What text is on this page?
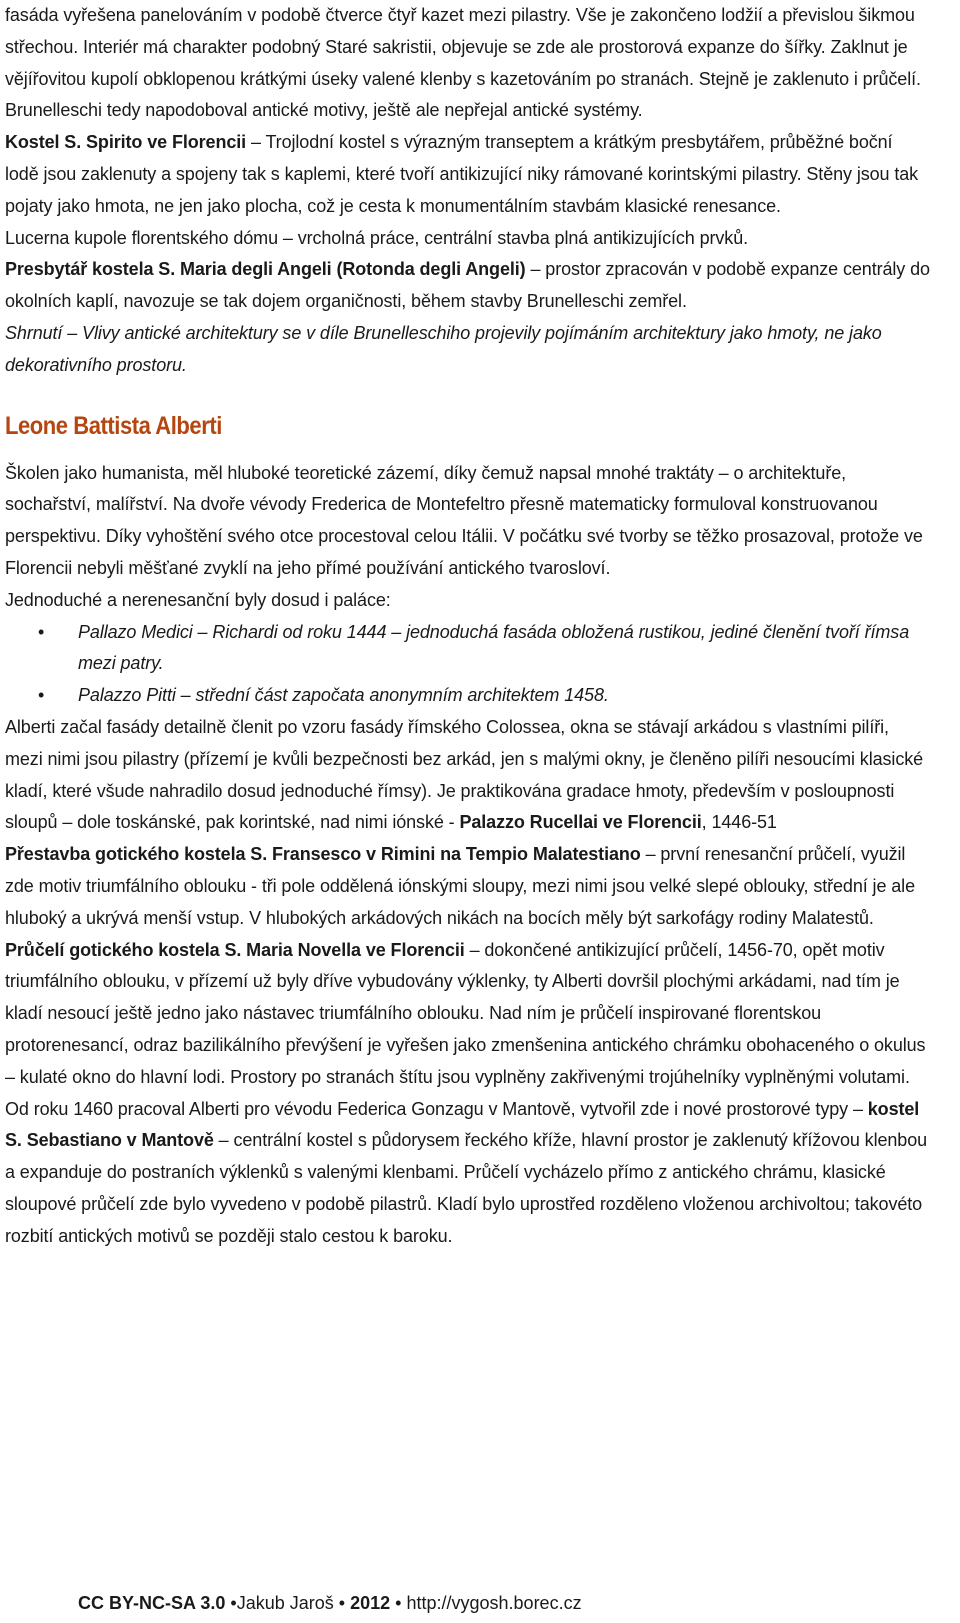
fasáda vyřešena panelováním v podobě čtverce čtyř kazet mezi pilastry. Vše je zakončeno lodžií a převislou šikmou střechou. Interiér má charakter podobný Staré sakristii, objevuje se zde ale prostorová expanze do šířky. Zaklnut je vějířovitou kupolí obklopenou krátkými úseky valené klenby s kazetováním po stranách. Stejně je zaklenuto i průčelí. Brunelleschi tedy napodoboval antické motivy, ještě ale nepřejal antické systémy.

Kostel S. Spirito ve Florencii – Trojlodní kostel s výrazným transeptem a krátkým presbytářem, průběžné boční lodě jsou zaklenuty a spojeny tak s kaplemi, které tvoří antikizující niky rámované korintskými pilastry. Stěny jsou tak pojaty jako hmota, ne jen jako plocha, což je cesta k monumentálním stavbám klasické renesance.

Lucerna kupole florentského dómu – vrcholná práce, centrální stavba plná antikizujících prvků.

Presbytář kostela S. Maria degli Angeli (Rotonda degli Angeli) – prostor zpracován v podobě expanze centrály do okolních kaplí, navozuje se tak dojem organičnosti, během stavby Brunelleschi zemřel.

Shrnutí – Vlivy antické architektury se v díle Brunelleschiho projevily pojímáním architektury jako hmoty, ne jako dekorativního prostoru.

Leone Battista Alberti

Školen jako humanista, měl hluboké teoretické zázemí, díky čemuž napsal mnohé traktáty – o architektuře, sochařství, malířství. Na dvoře vévody Frederica de Montefeltro přesně matematicky formuloval konstruovanou perspektivu. Díky vyhoštění svého otce procestoval celou Itálii. V počátku své tvorby se těžko prosazoval, protože ve Florencii nebyli měšťané zvyklí na jeho přímé používání antického tvarosloví.

Jednoduché a nerenesanční byly dosud i paláce:

• Pallazo Medici – Richardi od roku 1444 – jednoduchá fasáda obložená rustikou, jediné členění tvoří římsa mezi patry.
• Palazzo Pitti – střední část započata anonymním architektem 1458.

Alberti začal fasády detailně členit po vzoru fasády římského Colossea, okna se stávají arkádou s vlastními pilíři, mezi nimi jsou pilastry (přízemí je kvůli bezpečnosti bez arkád, jen s malými okny, je členěno pilíři nesoucími klasické kladí, které všude nahradilo dosud jednoduché římsy). Je praktikována gradace hmoty, především v posloupnosti sloupů – dole toskánské, pak korintské, nad nimi iónské - Palazzo Rucellai ve Florencii, 1446-51

Přestavba gotického kostela S. Fransesco v Rimini na Tempio Malatestiano – první renesanční průčelí, využil zde motiv triumfálního oblouku - tři pole oddělená iónskými sloupy, mezi nimi jsou velké slepé oblouky, střední je ale hluboký a ukrývá menší vstup. V hlubokých arkádových nikách na bocích měly být sarkofágy rodiny Malatestů.

Průčelí gotického kostela S. Maria Novella ve Florencii – dokončené antikizující průčelí, 1456-70, opět motiv triumfálního oblouku, v přízemí už byly dříve vybudovány výklenky, ty Alberti dovršil plochými arkádami, nad tím je kladí nesoucí ještě jedno jako nástavec triumfálního oblouku. Nad ním je průčelí inspirované florentskou protorenesancí, odraz bazilikálního převýšení je vyřešen jako zmenšenina antického chrámku obohaceného o okulus – kulaté okno do hlavní lodi. Prostory po stranách štítu jsou vyplněny zakřivenými trojúhelníky vyplněnými volutami.

Od roku 1460 pracoval Alberti pro vévodu Federica Gonzagu v Mantově, vytvořil zde i nové prostorové typy – kostel S. Sebastiano v Mantově – centrální kostel s půdorysem řeckého kříže, hlavní prostor je zaklenutý křížovou klenbou a expanduje do postraních výklenků s valenými klenbami. Průčelí vycházelo přímo z antického chrámu, klasické sloupové průčelí zde bylo vyvedeno v podobě pilastrů. Kladí bylo uprostřed rozděleno vloženou archivoltou; takovéto rozbití antických motivů se později stalo cestou k baroku.

CC BY-NC-SA 3.0 •Jakub Jaroš • 2012 • http://vygosh.borec.cz
